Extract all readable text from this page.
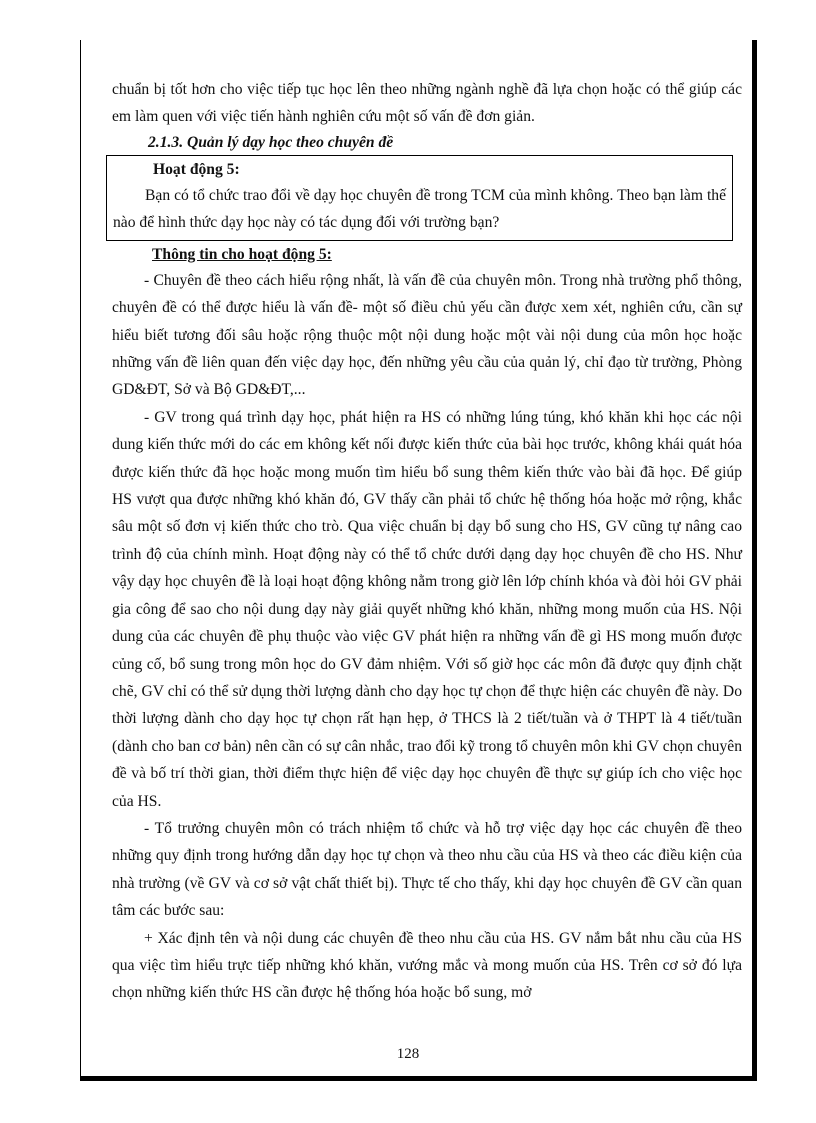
chuẩn bị tốt hơn cho việc tiếp tục học lên theo những ngành nghề đã lựa chọn hoặc có thể giúp các em làm quen với việc tiến hành nghiên cứu một số vấn đề đơn giản.

2.1.3. Quản lý dạy học theo chuyên đề

Hoạt động 5:

Bạn có tổ chức trao đổi về dạy học chuyên đề trong TCM của mình không. Theo bạn làm thế nào để hình thức dạy học này có tác dụng đối với trường bạn?

Thông tin cho hoạt động 5:

- Chuyên đề theo cách hiểu rộng nhất, là vấn đề của chuyên môn. Trong nhà trường phổ thông, chuyên đề có thể được hiểu là vấn đề- một số điều chủ yếu cần được xem xét, nghiên cứu, cần sự hiểu biết tương đối sâu hoặc rộng thuộc một nội dung hoặc một vài nội dung của môn học hoặc những vấn đề liên quan đến việc dạy học, đến những yêu cầu của quản lý, chỉ đạo từ trường, Phòng GD&ĐT, Sở và Bộ GD&ĐT,...

- GV trong quá trình dạy học, phát hiện ra HS có những lúng túng, khó khăn khi học các nội dung kiến thức mới do các em không kết nối được kiến thức của bài học trước, không khái quát hóa được kiến thức đã học hoặc mong muốn tìm hiểu bổ sung thêm kiến thức vào bài đã học. Để giúp HS vượt qua được những khó khăn đó, GV thấy cần phải tổ chức hệ thống hóa hoặc mở rộng, khắc sâu một số đơn vị kiến thức cho trò. Qua việc chuẩn bị dạy bổ sung cho HS, GV cũng tự nâng cao trình độ của chính mình. Hoạt động này có thể tổ chức dưới dạng dạy học chuyên đề cho HS. Như vậy dạy học chuyên đề là loại hoạt động không nằm trong giờ lên lớp chính khóa và đòi hỏi GV phải gia công để sao cho nội dung dạy này giải quyết những khó khăn, những mong muốn của HS. Nội dung của các chuyên đề phụ thuộc vào việc GV phát hiện ra những vấn đề gì HS mong muốn được củng cố, bổ sung trong môn học do GV đảm nhiệm. Với số giờ học các môn đã được quy định chặt chẽ, GV chỉ có thể sử dụng thời lượng dành cho dạy học tự chọn để thực hiện các chuyên đề này. Do thời lượng dành cho dạy học tự chọn rất hạn hẹp, ở THCS là 2 tiết/tuần và ở THPT là 4 tiết/tuần (dành cho ban cơ bản) nên cần có sự cân nhắc, trao đổi kỹ trong tổ chuyên môn khi GV chọn chuyên đề và bố trí thời gian, thời điểm thực hiện để việc dạy học chuyên đề thực sự giúp ích cho việc học của HS.

- Tổ trưởng chuyên môn có trách nhiệm tổ chức và hỗ trợ việc dạy học các chuyên đề theo những quy định trong hướng dẫn dạy học tự chọn và theo nhu cầu của HS và theo các điều kiện của nhà trường (về GV và cơ sở vật chất thiết bị). Thực tế cho thấy, khi dạy học chuyên đề GV cần quan tâm các bước sau:

+ Xác định tên và nội dung các chuyên đề theo nhu cầu của HS. GV nắm bắt nhu cầu của HS qua việc tìm hiểu trực tiếp những khó khăn, vướng mắc và mong muốn của HS. Trên cơ sở đó lựa chọn những kiến thức HS cần được hệ thống hóa hoặc bổ sung, mở

128
